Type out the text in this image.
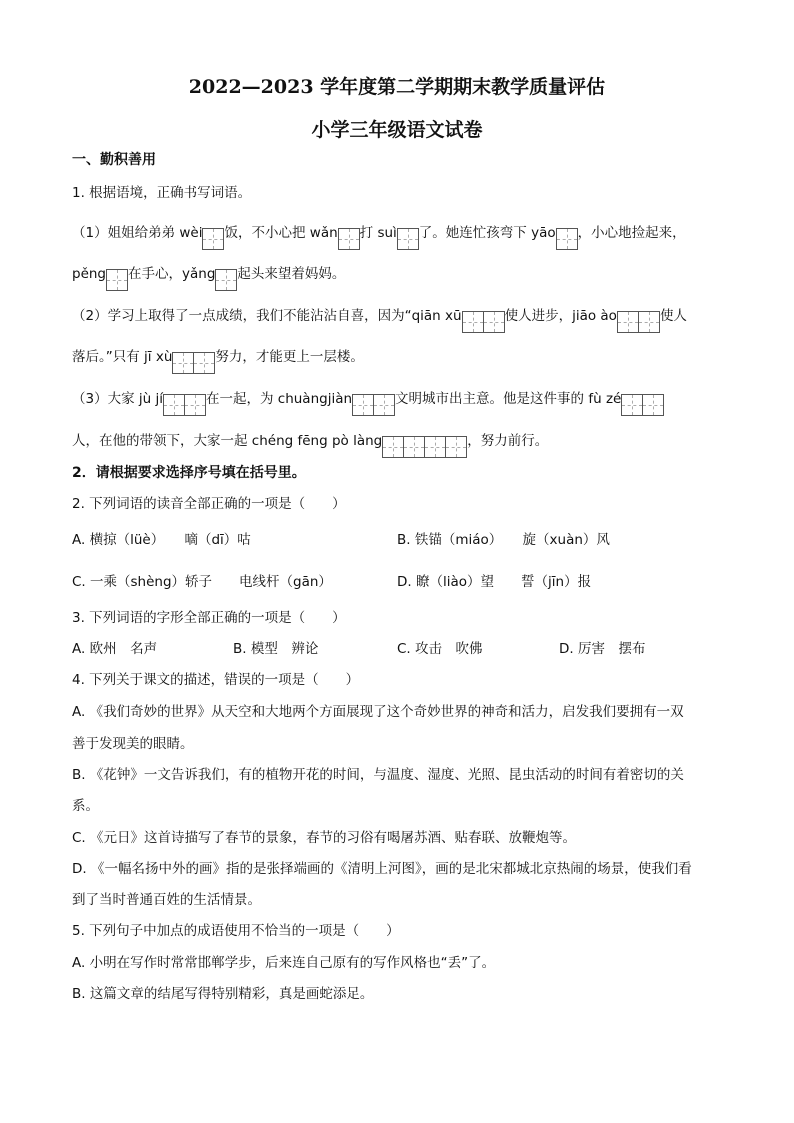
2022—2023 学年度第二学期期末教学质量评估
小学三年级语文试卷
一、勤积善用
1. 根据语境，正确书写词语。
（1）姐姐给弟弟 wèi 饭，不小心把 wǎn 打 suì 了。她连忙孩弯下 yāo ，小心地捡起来，
pěng 在手心，yǎng 起头来望着妈妈。
（2）学习上取得了一点成绩，我们不能沾沾自喜，因为“qiān xū	使人进步，jiāo ào	使人
落后。”只有 jī xù	努力，才能更上一层楼。
（3）大家 jù jí	在一起，为 chuàngjiàn	文明城市出主意。他是这件事的 fù zé
人，在他的带领下，大家一起 chéng fēng pò làng	，努力前行。
2．请根据要求选择序号填在括号里。
2. 下列词语的读音全部正确的一项是（　　）
A. 横掠（lüè）　　嘀（dī）咕	B. 铁锚（miáo）　　旋（xuàn）风
C. 一乘（shèng）轿子　　电线杆（gān）	D. 瞭（liào）望　　誓（jīn）报
3. 下列词语的字形全部正确的一项是（　　）
A. 欧州　名声	B. 模型　辨论	C. 攻击　吹佛	D. 厉害　摆布
4. 下列关于课文的描述，错误的一项是（　　）
A. 《我们奇妙的世界》从天空和大地两个方面展现了这个奇妙世界的神奇和活力，启发我们要拥有一双
善于发现美的眼睛。
B. 《花钟》一文告诉我们，有的植物开花的时间，与温度、湿度、光照、昆虫活动的时间有着密切的关
系。
C. 《元日》这首诗描写了春节的景象，春节的习俗有喝屠苏酒、贴春联、放鞭炮等。
D. 《一幅名扬中外的画》指的是张择端画的《清明上河图》，画的是北宋都城北京热闹的场景，使我们看
到了当时普通百姓的生活情景。
5. 下列句子中加点的成语使用不恰当的一项是（　　）
A. 小明在写作时常常邯郸学步，后来连自己原有的写作风格也“丢”了。
B. 这篇文章的结尾写得特别精彩，真是画蛇添足。
